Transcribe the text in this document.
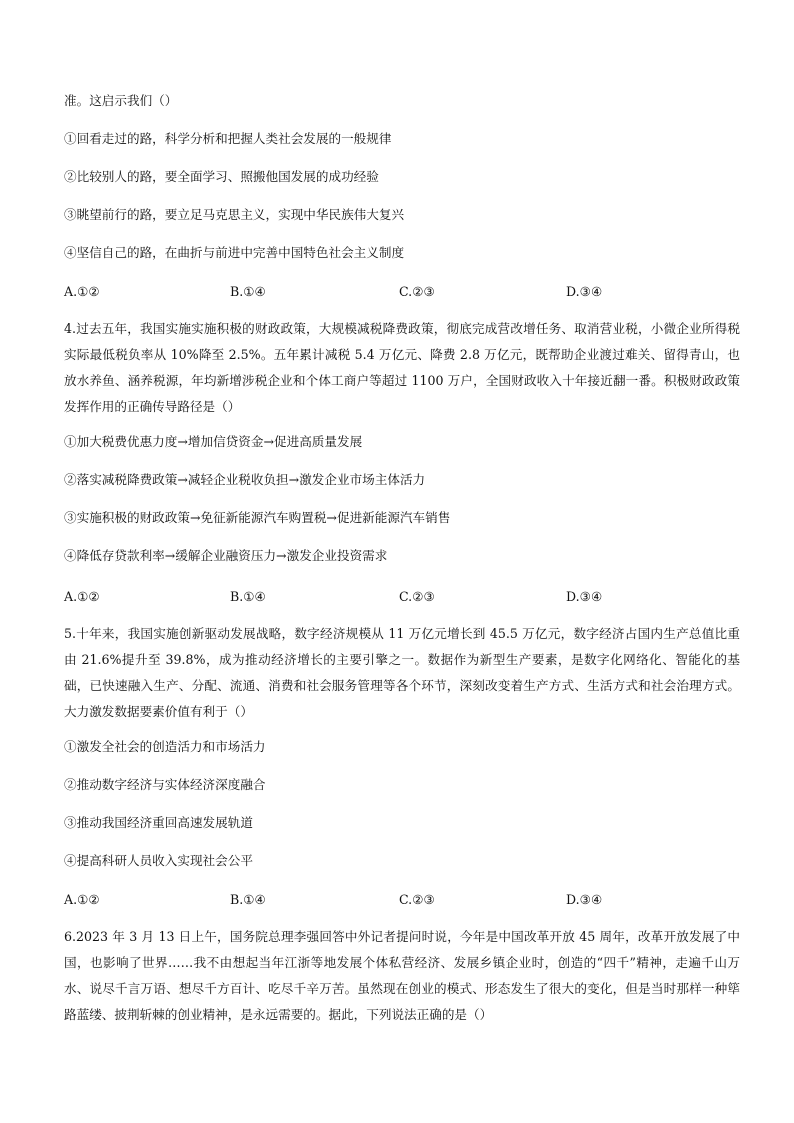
准。这启示我们（）
①回看走过的路，科学分析和把握人类社会发展的一般规律
②比较别人的路，要全面学习、照搬他国发展的成功经验
③眺望前行的路，要立足马克思主义，实现中华民族伟大复兴
④坚信自己的路，在曲折与前进中完善中国特色社会主义制度
A.①②	B.①④	C.②③	D.③④
4.过去五年，我国实施实施积极的财政政策，大规模减税降费政策，彻底完成营改增任务、取消营业税，小微企业所得税实际最低税负率从 10%降至 2.5%。五年累计减税 5.4 万亿元、降费 2.8 万亿元，既帮助企业渡过难关、留得青山，也放水养鱼、涵养税源，年均新增涉税企业和个体工商户等超过 1100 万户，全国财政收入十年接近翻一番。积极财政政策发挥作用的正确传导路径是（）
①加大税费优惠力度→增加信贷资金→促进高质量发展
②落实减税降费政策→减轻企业税收负担→激发企业市场主体活力
③实施积极的财政政策→免征新能源汽车购置税→促进新能源汽车销售
④降低存贷款利率→缓解企业融资压力→激发企业投资需求
A.①②	B.①④	C.②③	D.③④
5.十年来，我国实施创新驱动发展战略，数字经济规模从 11 万亿元增长到 45.5 万亿元，数字经济占国内生产总值比重由 21.6%提升至 39.8%，成为推动经济增长的主要引擎之一。数据作为新型生产要素，是数字化网络化、智能化的基础，已快速融入生产、分配、流通、消费和社会服务管理等各个环节，深刻改变着生产方式、生活方式和社会治理方式。大力激发数据要素价值有利于（）
①激发全社会的创造活力和市场活力
②推动数字经济与实体经济深度融合
③推动我国经济重回高速发展轨道
④提高科研人员收入实现社会公平
A.①②	B.①④	C.②③	D.③④
6.2023 年 3 月 13 日上午，国务院总理李强回答中外记者提问时说，今年是中国改革开放 45 周年，改革开放发展了中国，也影响了世界……我不由想起当年江浙等地发展个体私营经济、发展乡镇企业时，创造的“四千”精神，走遍千山万水、说尽千言万语、想尽千方百计、吃尽千辛万苦。虽然现在创业的模式、形态发生了很大的变化，但是当时那样一种筚路蓝缕、披荆斩棘的创业精神，是永远需要的。据此，下列说法正确的是（）
